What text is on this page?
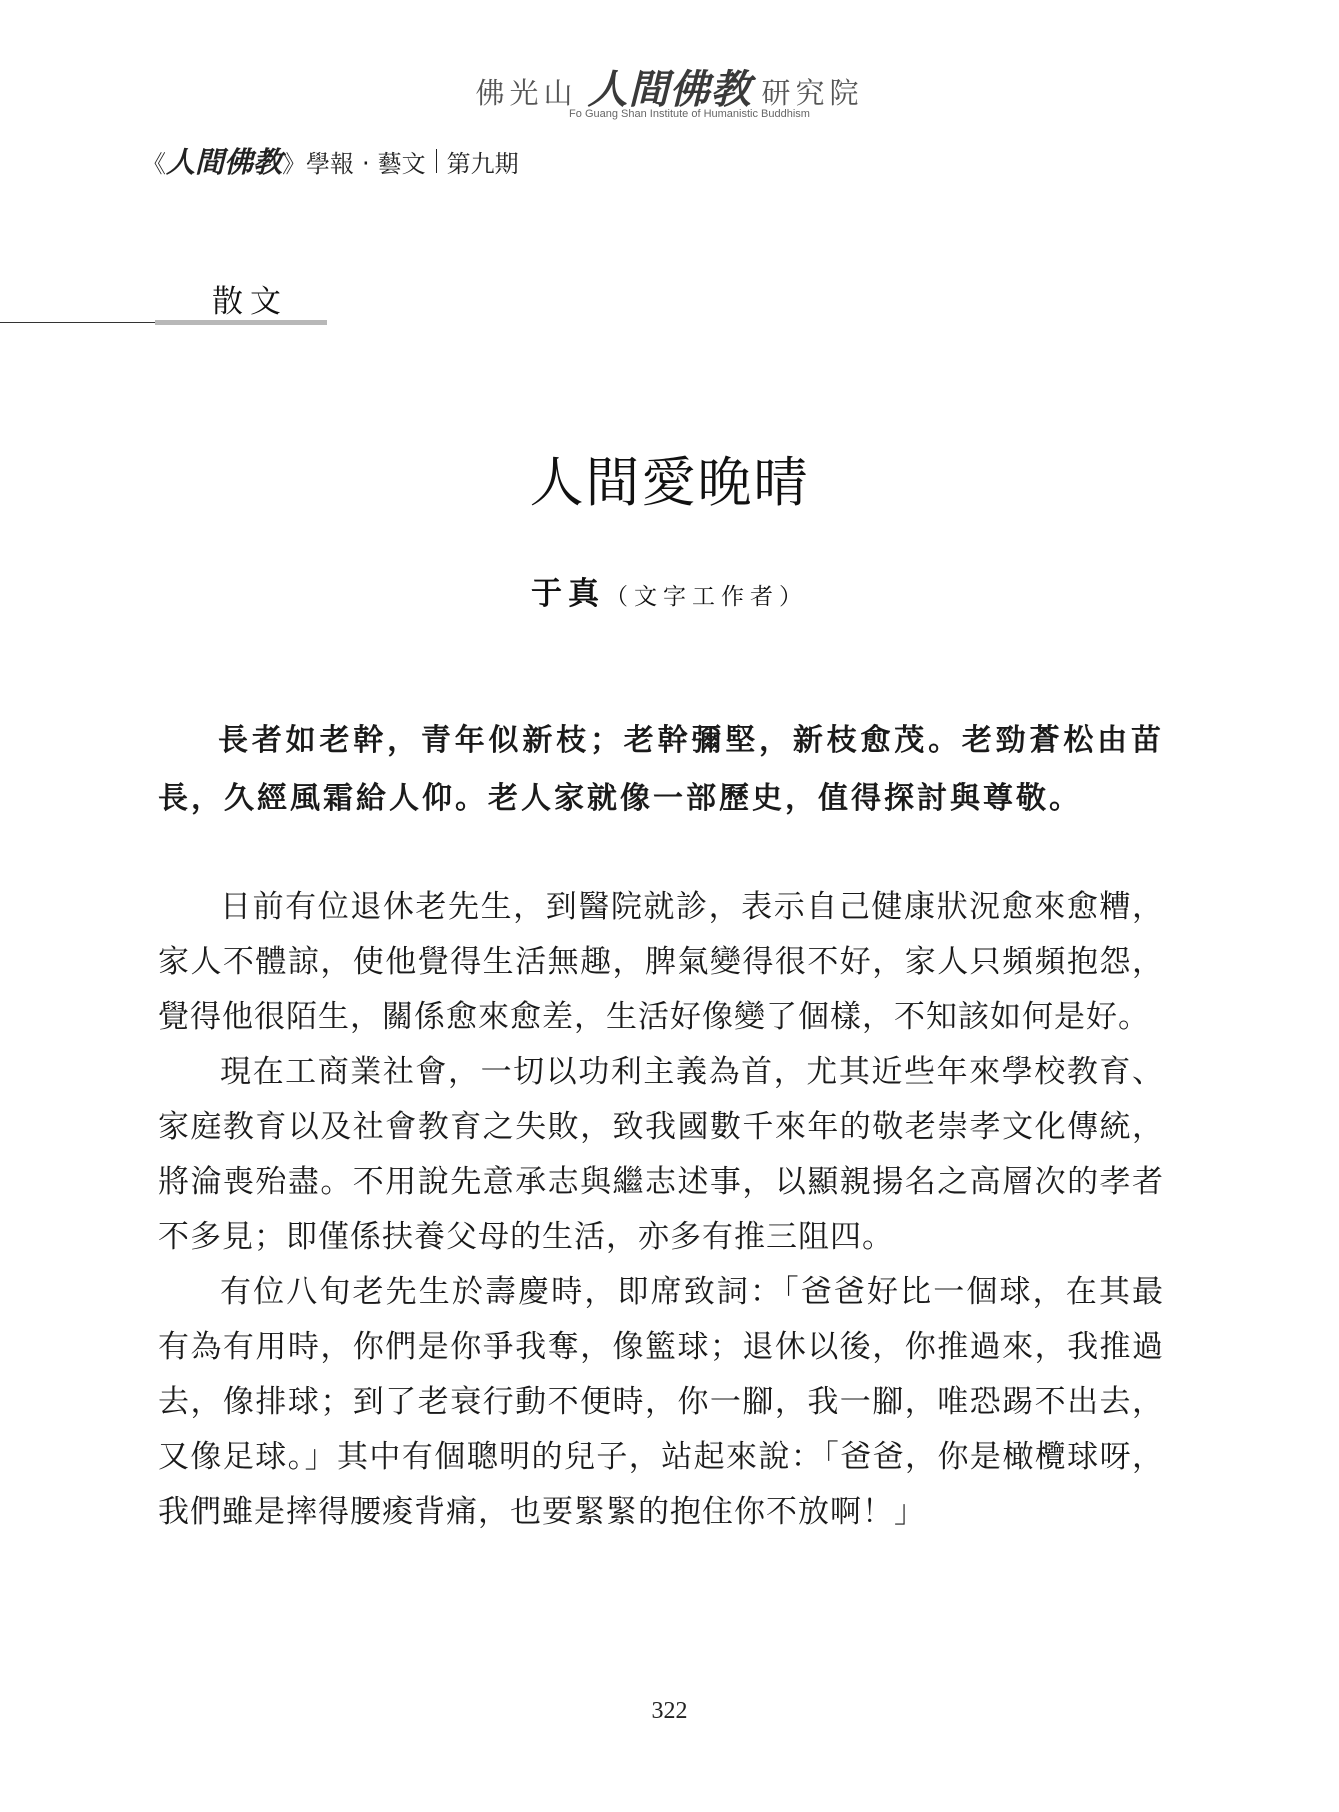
佛光山 人間佛教 研究院
Fo Guang Shan Institute of Humanistic Buddhism
《 人間佛教 》學報 ‧ 藝文 第九期
散文
人間愛晚晴
于真（文字工作者）

長者如老幹，青年似新枝；老幹彌堅，新枝愈茂。老勁蒼松由苗長，久經風霜給人仰。老人家就像一部歷史，值得探討與尊敬。

日前有位退休老先生，到醫院就診，表示自己健康狀況愈來愈糟，家人不體諒，使他覺得生活無趣，脾氣變得很不好，家人只頻頻抱怨，覺得他很陌生，關係愈來愈差，生活好像變了個樣，不知該如何是好。

現在工商業社會，一切以功利主義為首，尤其近些年來學校教育、家庭教育以及社會教育之失敗，致我國數千來年的敬老崇孝文化傳統，將淪喪殆盡。不用說先意承志與繼志述事，以顯親揚名之高層次的孝者不多見；即僅係扶養父母的生活，亦多有推三阻四。

有位八旬老先生於壽慶時，即席致詞：「爸爸好比一個球，在其最有為有用時，你們是你爭我奪，像籃球；退休以後，你推過來，我推過去，像排球；到了老衰行動不便時，你一腳，我一腳，唯恐踢不出去，又像足球。」其中有個聰明的兒子，站起來說：「爸爸，你是橄欖球呀，我們雖是摔得腰痠背痛，也要緊緊的抱住你不放啊！」

322
